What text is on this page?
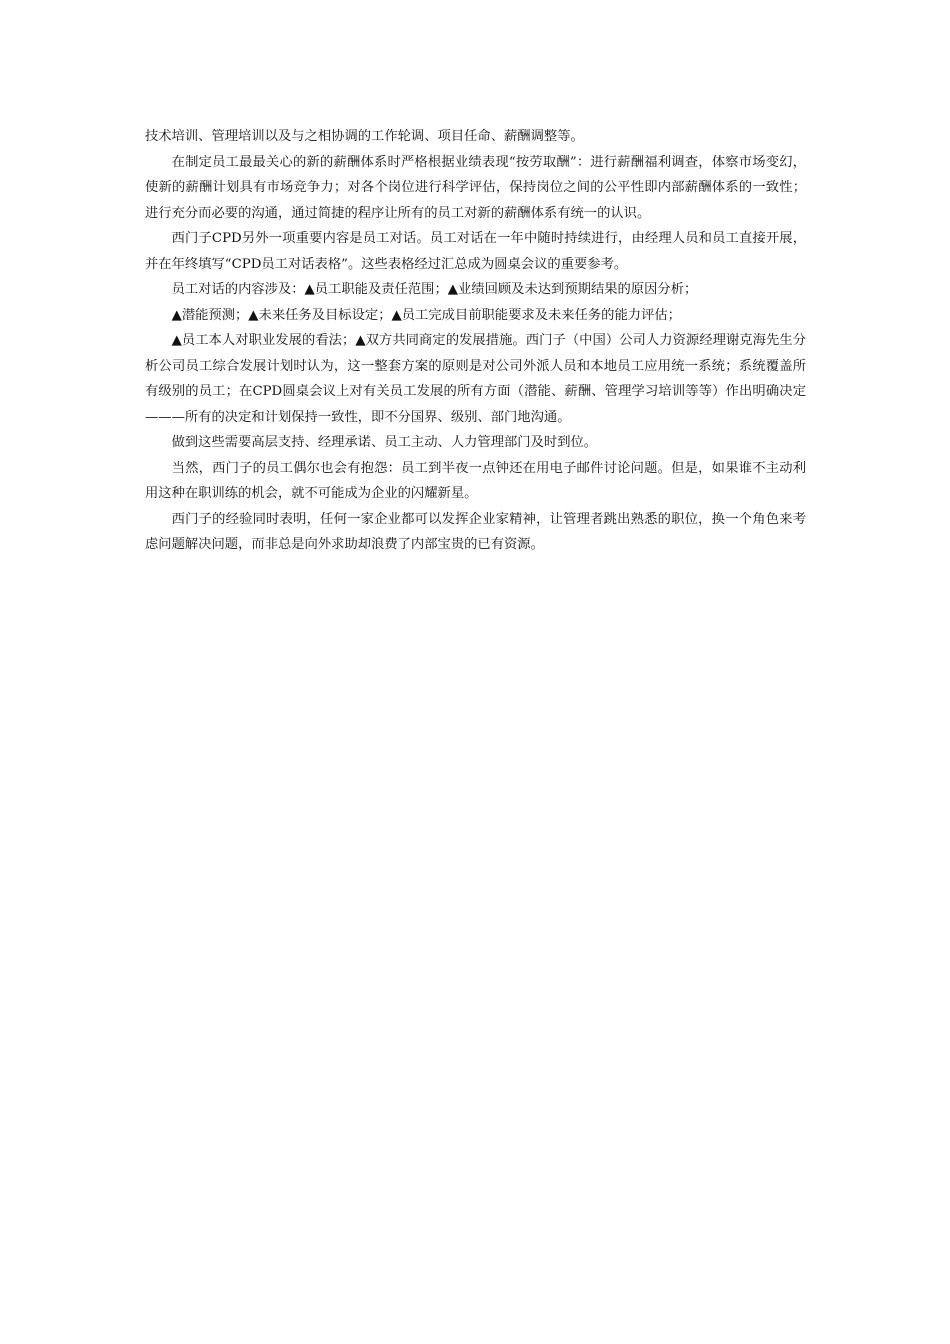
技术培训、管理培训以及与之相协调的工作轮调、项目任命、薪酬调整等。

在制定员工最最关心的新的薪酬体系时严格根据业绩表现“按劳取酬”：进行薪酬福利调查，体察市场变幻，使新的薪酬计划具有市场竞争力；对各个岗位进行科学评估，保持岗位之间的公平性即内部薪酬体系的一致性；进行充分而必要的沟通，通过简捷的程序让所有的员工对新的薪酬体系有统一的认识。

西门子CPD另外一项重要内容是员工对话。员工对话在一年中随时持续进行，由经理人员和员工直接开展，并在年终填写“CPD员工对话表格”。这些表格经过汇总成为圆桌会议的重要参考。

员工对话的内容涉及：▲员工职能及责任范围；▲业绩回顾及未达到预期结果的原因分析；

▲潜能预测；▲未来任务及目标设定；▲员工完成目前职能要求及未来任务的能力评估；

▲员工本人对职业发展的看法；▲双方共同商定的发展措施。西门子（中国）公司人力资源经理谢克海先生分析公司员工综合发展计划时认为，这一整套方案的原则是对公司外派人员和本地员工应用统一系统；系统覆盖所有级别的员工；在CPD圆桌会议上对有关员工发展的所有方面（潜能、薪酬、管理学习培训等等）作出明确决定———所有的决定和计划保持一致性，即不分国界、级别、部门地沟通。

做到这些需要高层支持、经理承诺、员工主动、人力管理部门及时到位。

当然，西门子的员工偶尔也会有抱怨：员工到半夜一点钟还在用电子邮件讨论问题。但是，如果谁不主动利用这种在职训练的机会，就不可能成为企业的闪耀新星。

西门子的经验同时表明，任何一家企业都可以发挥企业家精神，让管理者跳出熟悉的职位，换一个角色来考虑问题解决问题，而非总是向外求助却浪费了内部宝贵的已有资源。
